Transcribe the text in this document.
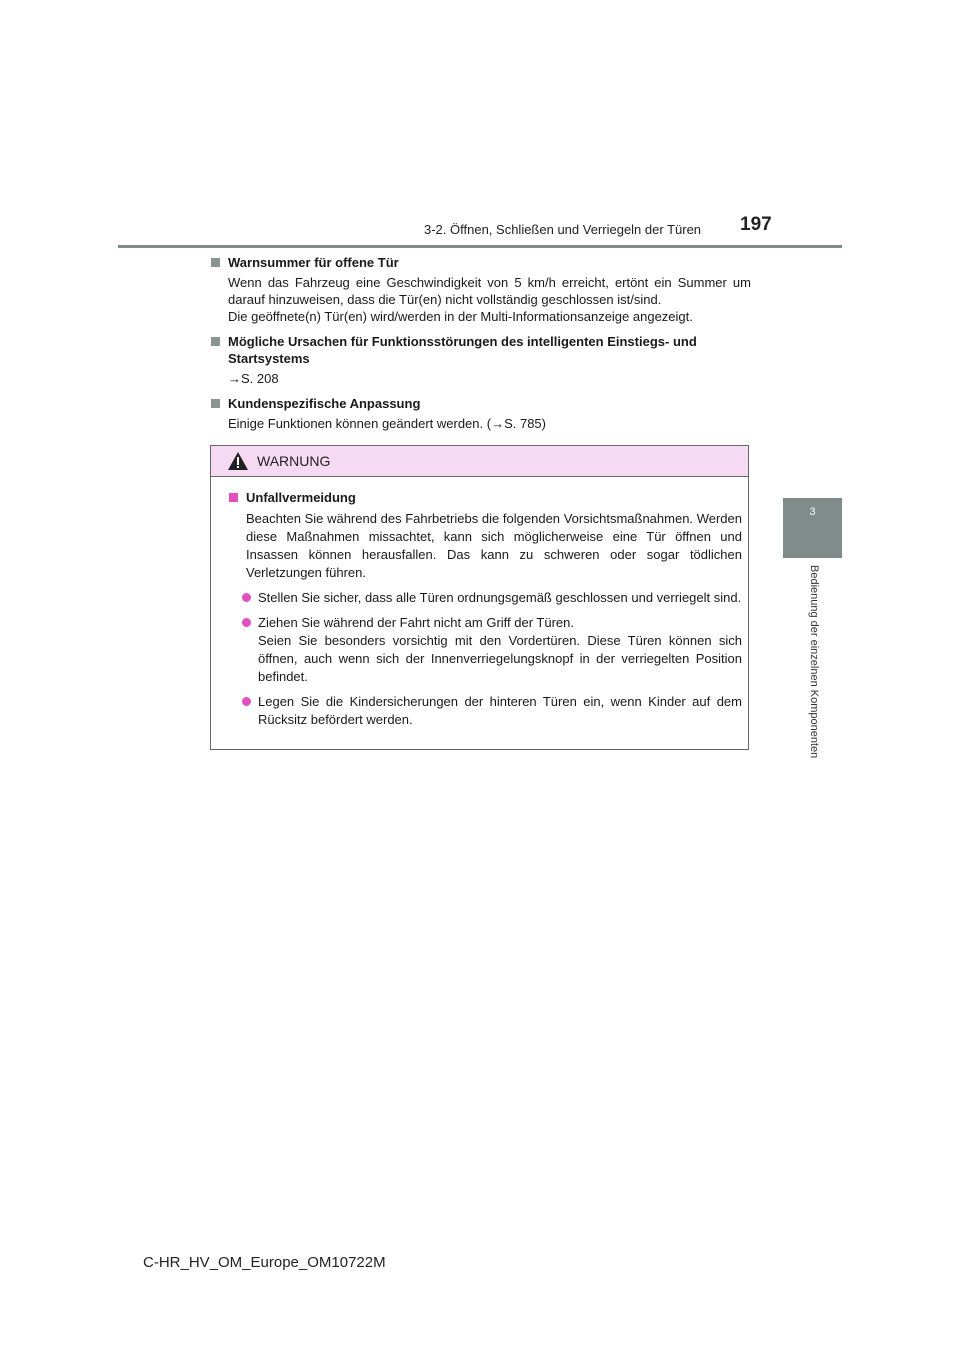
3-2. Öffnen, Schließen und Verriegeln der Türen 197
3
Bedienung der einzelnen Komponenten
Warnsummer für offene Tür

Wenn das Fahrzeug eine Geschwindigkeit von 5 km/h erreicht, ertönt ein Summer um darauf hinzuweisen, dass die Tür(en) nicht vollständig geschlossen ist/sind.

Die geöffnete(n) Tür(en) wird/werden in der Multi-Informationsanzeige angezeigt.

Mögliche Ursachen für Funktionsstörungen des intelligenten Einstiegs- und Startsystems

→S. 208

Kundenspezifische Anpassung

Einige Funktionen können geändert werden. (→S. 785)

WARNUNG
Unfallvermeidung

Beachten Sie während des Fahrbetriebs die folgenden Vorsichtsmaßnahmen. Werden diese Maßnahmen missachtet, kann sich möglicherweise eine Tür öffnen und Insassen können herausfallen. Das kann zu schweren oder sogar tödlichen Verletzungen führen.

Stellen Sie sicher, dass alle Türen ordnungsgemäß geschlossen und verriegelt sind.

Ziehen Sie während der Fahrt nicht am Griff der Türen.

Seien Sie besonders vorsichtig mit den Vordertüren. Diese Türen können sich öffnen, auch wenn sich der Innenverriegelungsknopf in der verriegelten Position befindet.

Legen Sie die Kindersicherungen der hinteren Türen ein, wenn Kinder auf dem Rücksitz befördert werden.

C-HR_HV_OM_Europe_OM10722M
